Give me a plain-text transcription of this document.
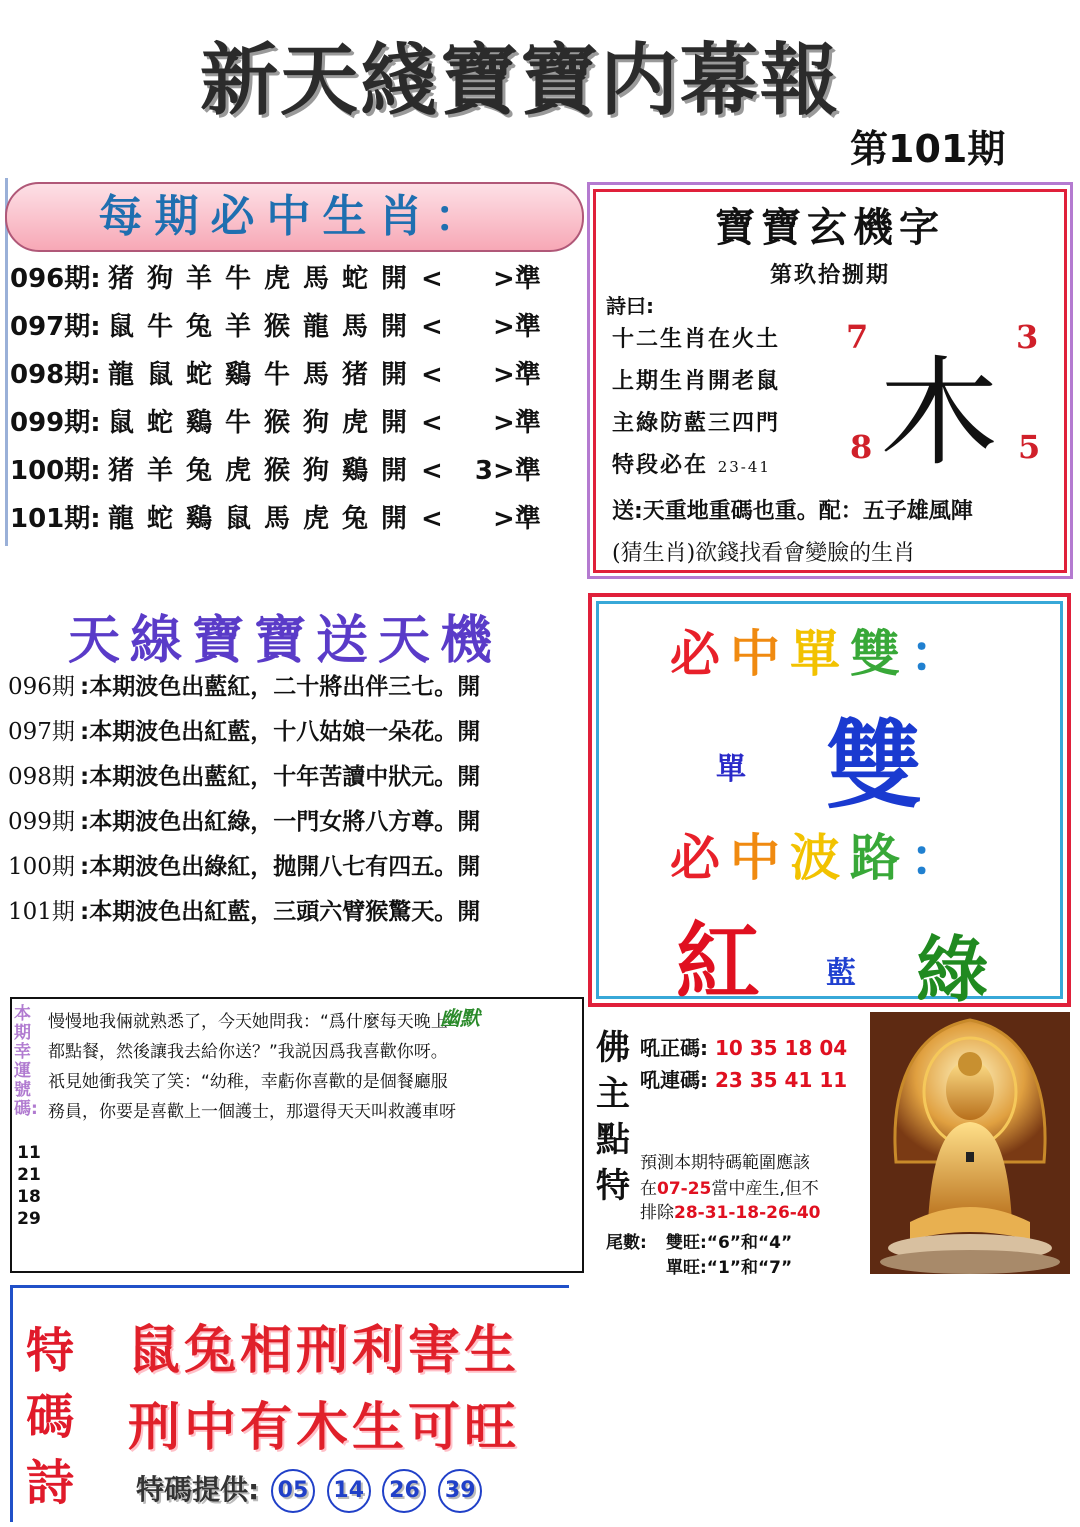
新天綫寶寶内幕報
第101期
每期必中生肖：
096期: 猪 狗 羊 牛 虎 馬 蛇 開 < >準
097期: 鼠 牛 兔 羊 猴 龍 馬 開 < >準
098期: 龍 鼠 蛇 鷄 牛 馬 猪 開 < >準
099期: 鼠 蛇 鷄 牛 猴 狗 虎 開 < >準
100期: 猪 羊 兔 虎 猴 狗 鷄 開 < 3>準
101期: 龍 蛇 鷄 鼠 馬 虎 兔 開 < >準
寶寶玄機字
第玖拾捌期
詩曰:
十二生肖在火土
上期生肖開老鼠
主綠防藍三四門
特段必在 23-41
7	3
8	5
木
送:天重地重碼也重。配：五子雄風陣
(猜生肖)欲錢找看會變臉的生肖
天線寶寶送天機
096期 :本期波色出藍紅，二十將出伴三七。開
097期 :本期波色出紅藍，十八姑娘一朵花。開
098期 :本期波色出藍紅，十年苦讀中狀元。開
099期 :本期波色出紅綠，一門女將八方尊。開
100期 :本期波色出綠紅，抛開八七有四五。開
101期 :本期波色出紅藍，三頭六臂猴驚天。開
必中單雙：
單 雙
必中波路：
紅 藍 綠
本期幸運號碼:
11
21
18
29
慢慢地我倆就熟悉了，今天她問我：“爲什麼每天晚上
都點餐，然後讓我去給你送？”我説因爲我喜歡你呀。
祇見她衝我笑了笑：“幼稚，幸虧你喜歡的是個餐廳服
務員，你要是喜歡上一個護士，那還得天天叫救護車呀
幽默
佛
主
點
特
吼正碼: 10 35 18 04
吼連碼: 23 35 41 11
預測本期特碼範圍應該
在07-25當中産生,但不
排除28-31-18-26-40
尾數: 雙旺:“6”和“4”
單旺:“1”和“7”
特
碼
詩
鼠兔相刑利害生
刑中有木生可旺
特碼提供: 05 14 26 39
